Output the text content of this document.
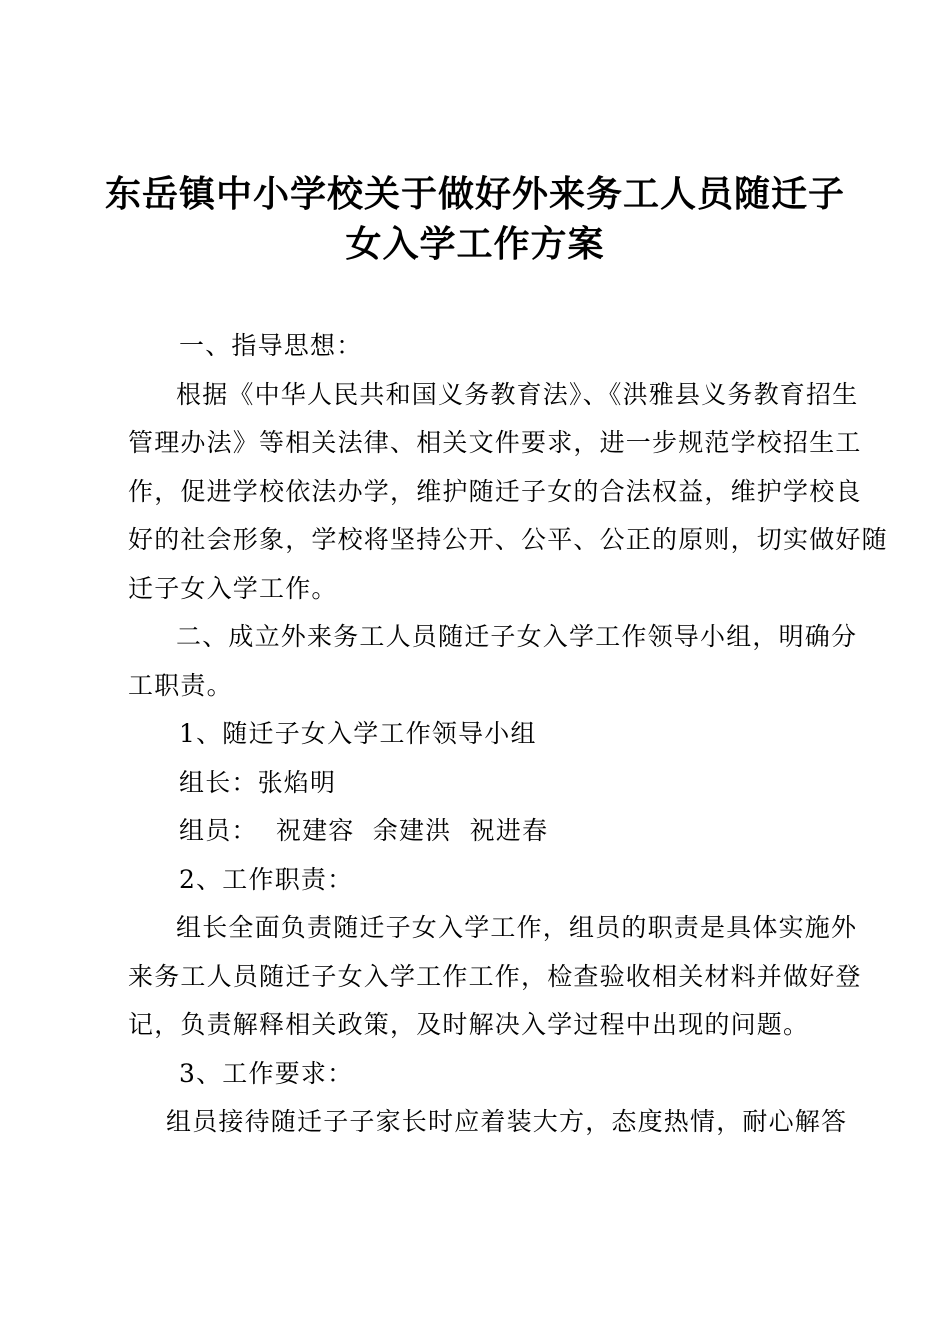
东岳镇中小学校关于做好外来务工人员随迁子
女入学工作方案

一、指导思想：

根据《中华人民共和国义务教育法》、《洪雅县义务教育招生
管理办法》等相关法律、相关文件要求，进一步规范学校招生工
作，促进学校依法办学，维护随迁子女的合法权益，维护学校良
好的社会形象，学校将坚持公开、公平、公正的原则，切实做好随
迁子女入学工作。

二、成立外来务工人员随迁子女入学工作领导小组，明确分
工职责。

1、随迁子女入学工作领导小组

组长：张焰明

组员：  祝建容  余建洪  祝进春

2、工作职责：

组长全面负责随迁子女入学工作，组员的职责是具体实施外
来务工人员随迁子女入学工作工作，检查验收相关材料并做好登
记，负责解释相关政策，及时解决入学过程中出现的问题。

3、工作要求：

组员接待随迁子子家长时应着装大方，态度热情，耐心解答
